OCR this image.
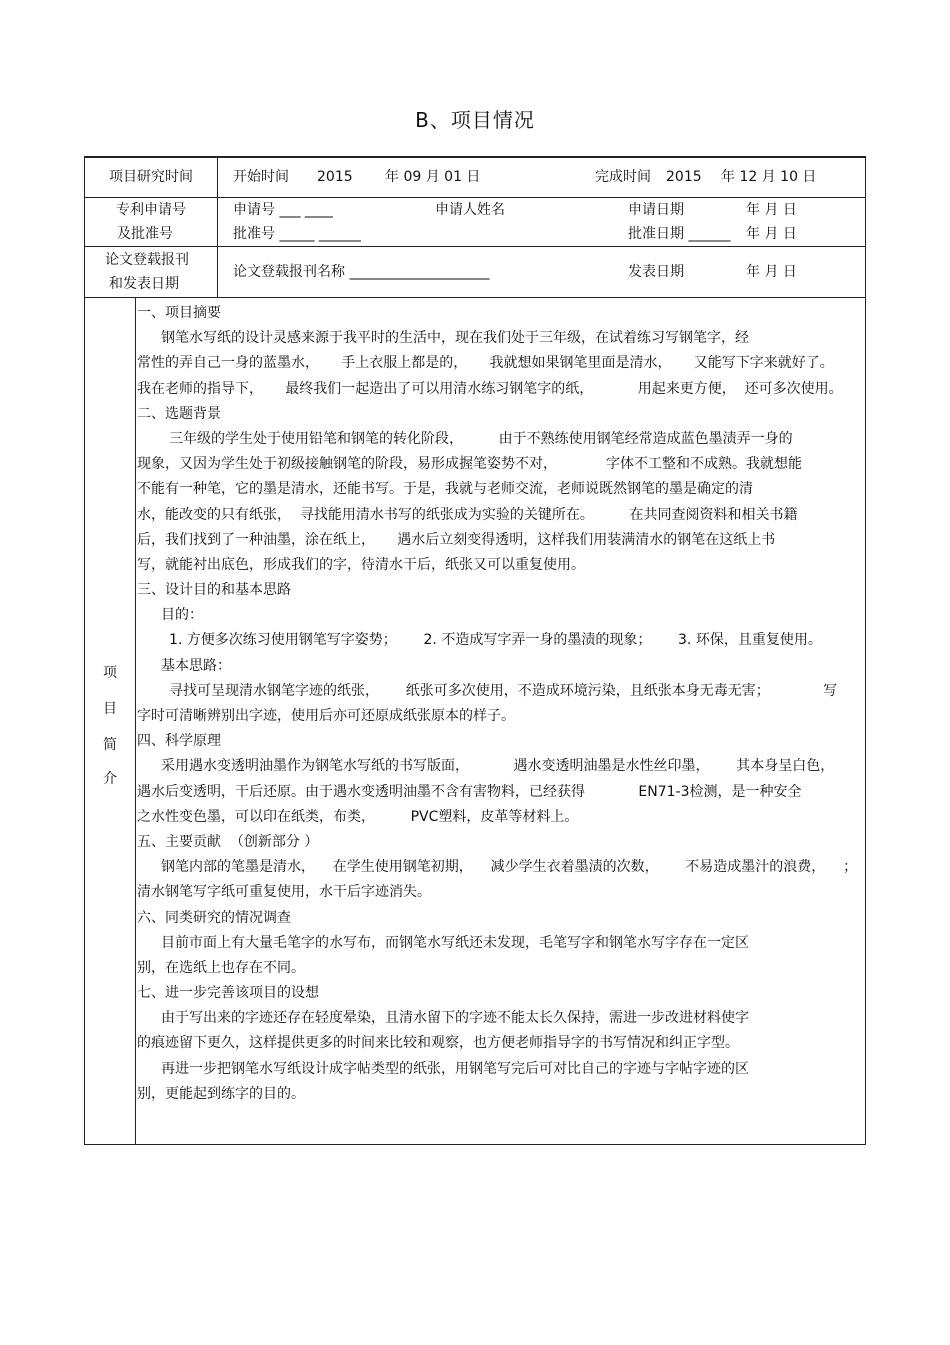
B、项目情况
项目研究时间	开始时间 2015 年 09 月 01 日	完成时间 2015 年 12 月 10 日
专利申请号
及批准号
申请号 ___ ____	申请人姓名	申请日期	年 月 日
批准号 _____ ______	批准日期 ______ 年 月 日
论文登载报刊
和发表日期
论文登载报刊名称 ____________________	发表日期	年 月 日
项
目
简
介
一、项目摘要
钢笔水写纸的设计灵感来源于我平时的生活中，现在我们处于三年级，在试着练习写钢笔字，经
常性的弄自己一身的蓝墨水，     手上衣服上都是的，     我就想如果钢笔里面是清水，     又能写下字来就好了。
我在老师的指导下，     最终我们一起造出了可以用清水练习钢笔字的纸，          用起来更方便，  还可多次使用。
二、选题背景
三年级的学生处于使用铅笔和钢笔的转化阶段，        由于不熟练使用钢笔经常造成蓝色墨渍弄一身的
现象，又因为学生处于初级接触钢笔的阶段，易形成握笔姿势不对，           字体不工整和不成熟。我就想能
不能有一种笔，它的墨是清水，还能书写。于是，我就与老师交流，老师说既然钢笔的墨是确定的清
水，能改变的只有纸张，  寻找能用清水书写的纸张成为实验的关键所在。        在共同查阅资料和相关书籍
后，我们找到了一种油墨，涂在纸上，     遇水后立刻变得透明，这样我们用装满清水的钢笔在这纸上书
写，就能衬出底色，形成我们的字，待清水干后，纸张又可以重复使用。
三、设计目的和基本思路
目的：
1. 方便多次练习使用钢笔写字姿势；      2. 不造成写字弄一身的墨渍的现象；      3. 环保，且重复使用。
基本思路：
寻找可呈现清水钢笔字迹的纸张，      纸张可多次使用，不造成环境污染，且纸张本身无毒无害；            写
字时可清晰辨别出字迹，使用后亦可还原成纸张原本的样子。
四、科学原理
采用遇水变透明油墨作为钢笔水写纸的书写版面，          遇水变透明油墨是水性丝印墨，      其本身呈白色，
遇水后变透明，干后还原。由于遇水变透明油墨不含有害物料，已经获得            EN71-3检测，是一种安全
之水性变色墨，可以印在纸类，布类，        PVC塑料，皮革等材料上。
五、主要贡献  （创新部分 ）
钢笔内部的笔墨是清水，    在学生使用钢笔初期，    减少学生衣着墨渍的次数，      不易造成墨汁的浪费，    ；
清水钢笔写字纸可重复使用，水干后字迹消失。
六、同类研究的情况调查
目前市面上有大量毛笔字的水写布，而钢笔水写纸还未发现，毛笔写字和钢笔水写字存在一定区
别，在选纸上也存在不同。
七、进一步完善该项目的设想
由于写出来的字迹还存在轻度晕染，且清水留下的字迹不能太长久保持，需进一步改进材料使字
的痕迹留下更久，这样提供更多的时间来比较和观察，也方便老师指导字的书写情况和纠正字型。
再进一步把钢笔水写纸设计成字帖类型的纸张，用钢笔写完后可对比自己的字迹与字帖字迹的区
别，更能起到练字的目的。
